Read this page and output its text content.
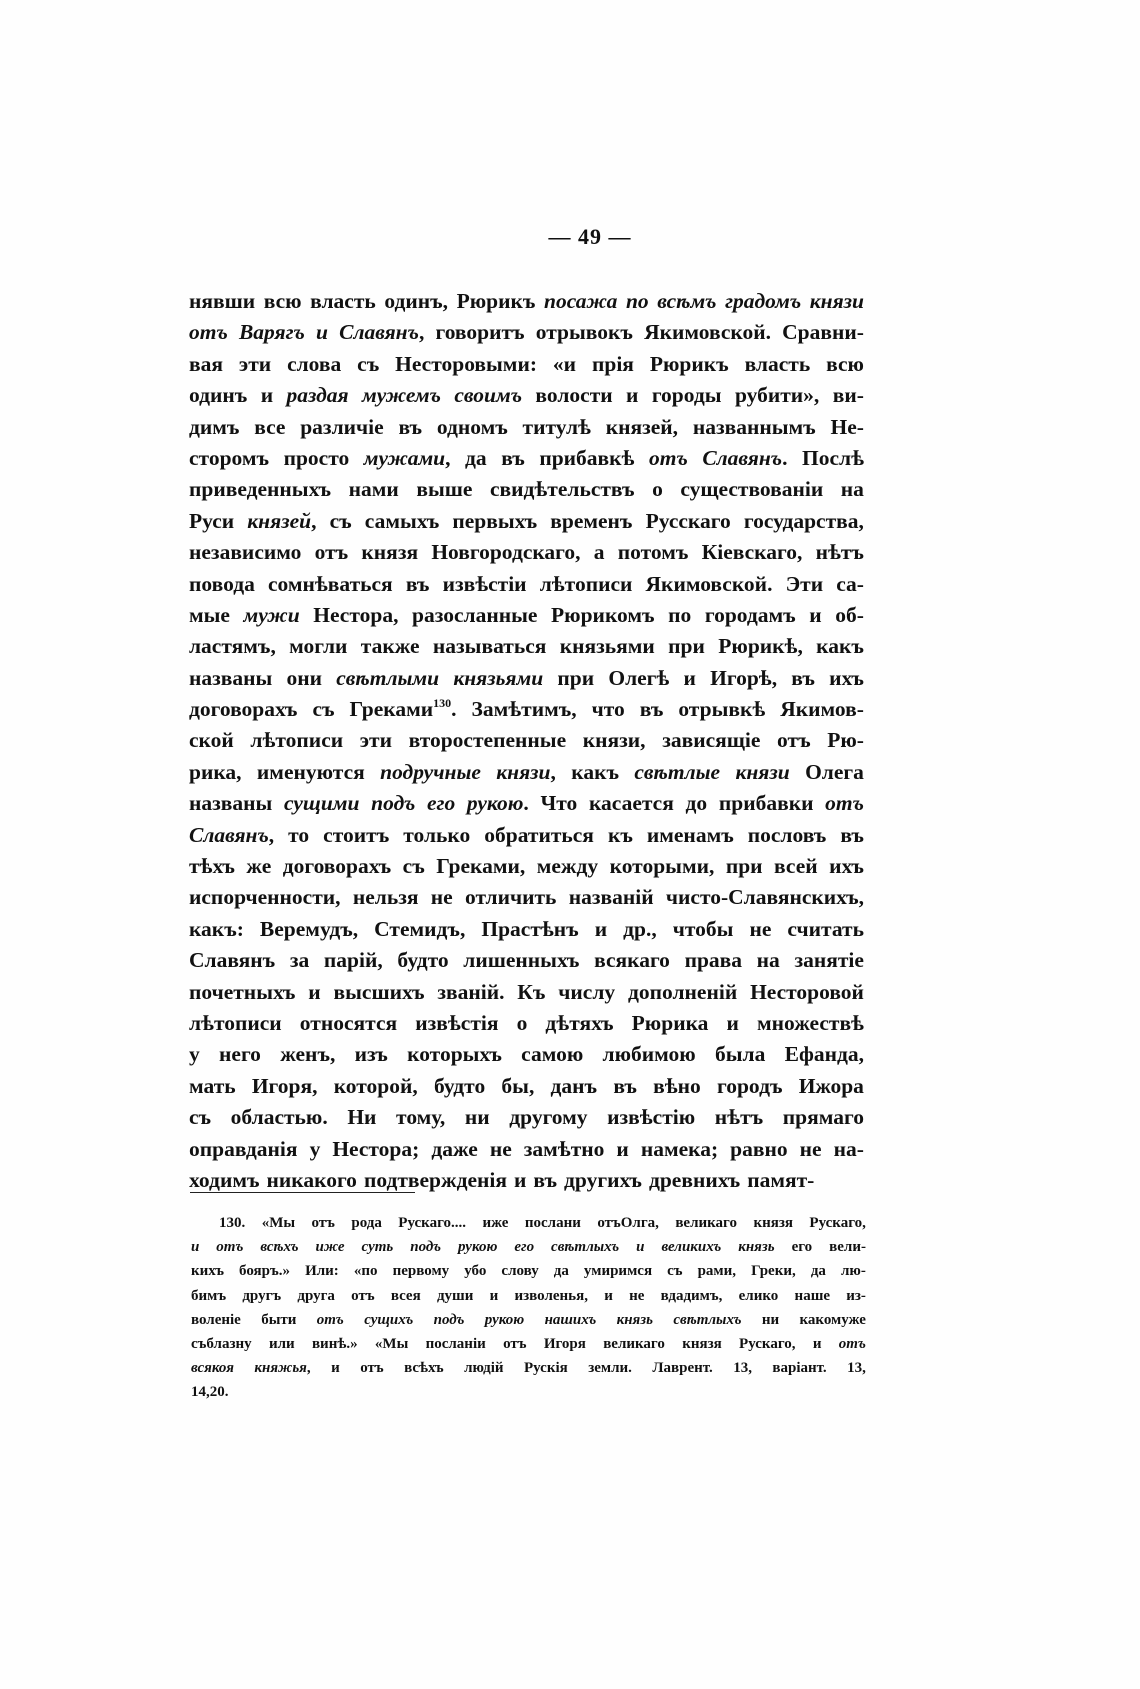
— 49 —
нявши всю власть одинъ, Рюрикъ посажа по всѣмъ градомъ князи
отъ Варягъ и Славянъ, говоритъ отрывокъ Якимовской. Сравни-
вая эти слова съ Несторовыми: «и прія Рюрикъ власть всю
одинъ и раздая мужемъ своимъ волости и городы рубити», ви-
димъ все различіе въ одномъ титулѣ князей, названнымъ Не-
сторомъ просто мужами, да въ прибавкѣ отъ Славянъ. Послѣ
приведенныхъ нами выше свидѣтельствъ о существованіи на
Руси князей, съ самыхъ первыхъ временъ Русскаго государства,
независимо отъ князя Новгородскаго, а потомъ Кіевскаго, нѣтъ
повода сомнѣваться въ извѣстіи лѣтописи Якимовской. Эти са-
мые мужи Нестора, разосланные Рюрикомъ по городамъ и об-
ластямъ, могли также называться князьями при Рюрикѣ, какъ
названы они свѣтлыми князьями при Олегѣ и Игорѣ, въ ихъ
договорахъ съ Греками$^{130}$. Замѣтимъ, что въ отрывкѣ Якимов-
ской лѣтописи эти второстепенные князи, зависящіе отъ Рю-
рика, именуются подручные князи, какъ свѣтлые князи Олега
названы сущими подъ его рукою. Что касается до прибавки отъ
Славянъ, то стоитъ только обратиться къ именамъ пословъ въ
тѣхъ же договорахъ съ Греками, между которыми, при всей ихъ
испорченности, нельзя не отличить названій чисто-Славянскихъ,
какъ: Веремудъ, Стемидъ, Прастѣнъ и др., чтобы не считать
Славянъ за парій, будто лишенныхъ всякаго права на занятіе
почетныхъ и высшихъ званій. Къ числу дополненій Несторовой
лѣтописи относятся извѣстія о дѣтяхъ Рюрика и множествѣ
у него женъ, изъ которыхъ самою любимою была Ефанда,
мать Игоря, которой, будто бы, данъ въ вѣно городъ Ижора
съ областью. Ни тому, ни другому извѣстію нѣтъ прямаго
оправданія у Нестора; даже не замѣтно и намека; равно не на-
ходимъ никакого подтвержденія и въ другихъ древнихъ памят-
130. «Мы отъ рода Рускаго.... иже послани отъОлга, великаго князя Рускаго,
и отъ всѣхъ иже суть подъ рукою его свѣтлыхъ и великихъ князь его вели-
кихъ бояръ.» Или: «по первому убо слову да умиримся съ рами, Греки, да лю-
бимъ другъ друга отъ всея души и изволенья, и не вдадимъ, елико наше из-
воленіе быти отъ сущихъ подъ рукою нашихъ князь свѣтлыхъ ни какомуже
съблазну или винѣ.» «Мы посланіи отъ Игоря великаго князя Рускаго, и отъ
всякоя княжья, и отъ всѣхъ людій Рускія земли. Лаврент. 13, варіант. 13,
14, 20.
